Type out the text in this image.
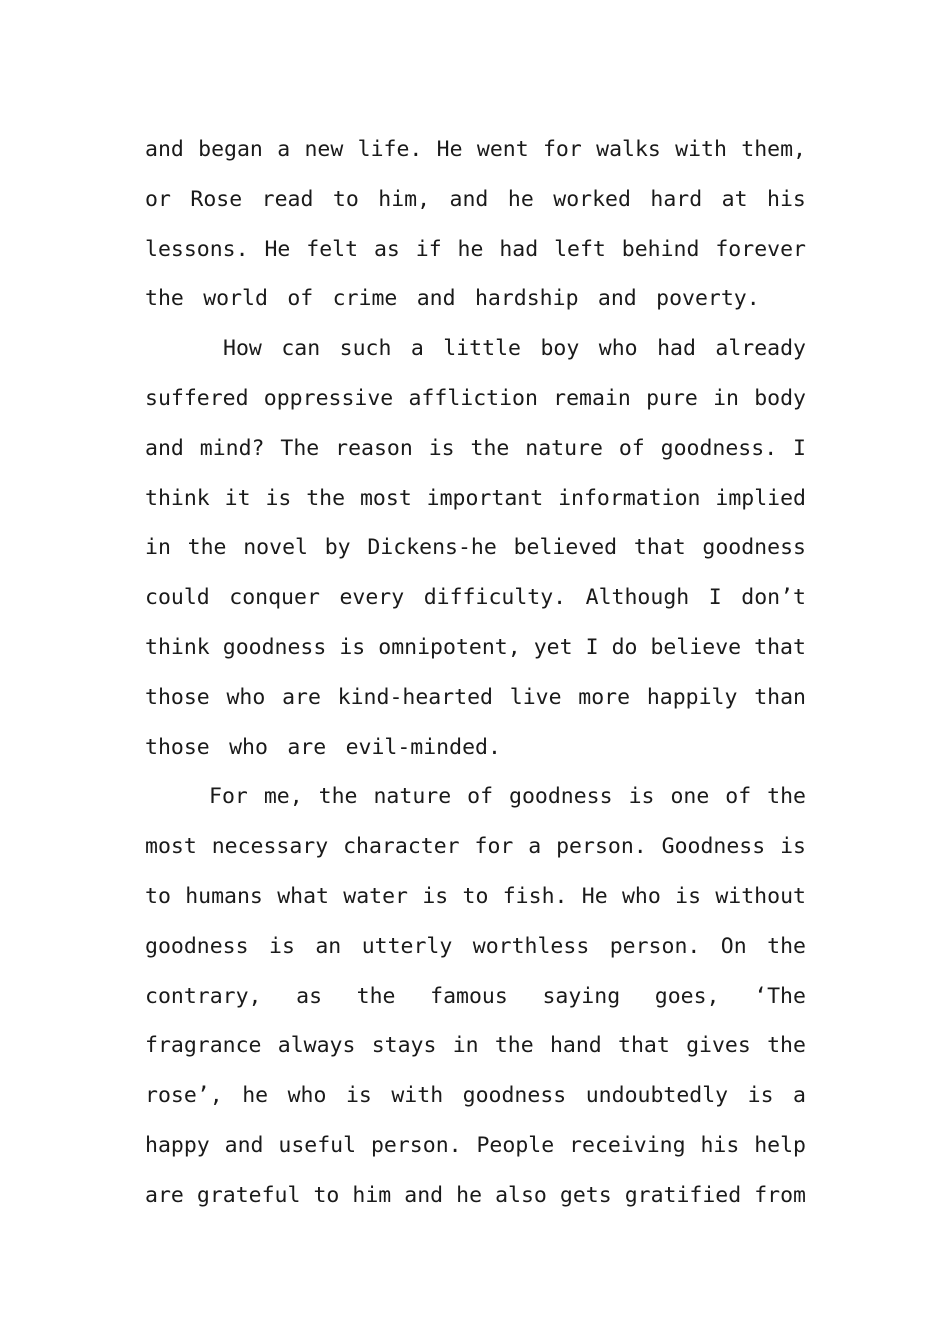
and began a new life. He went for walks with them,
or Rose read to him, and he worked hard at his
lessons. He felt as if he had left behind forever
the world of crime and hardship and poverty.
How can such a little boy who had already
suffered oppressive affliction remain pure in body
and mind? The reason is the nature of goodness. I
think it is the most important information implied
in the novel by Dickens-he believed that goodness
could conquer every difficulty. Although I don’t
think goodness is omnipotent, yet I do believe that
those who are kind-hearted live more happily than
those who are evil-minded.
For me, the nature of goodness is one of the
most necessary character for a person. Goodness is
to humans what water is to fish. He who is without
goodness is an utterly worthless person. On the
contrary, as the famous saying goes, ‘The
fragrance always stays in the hand that gives the
rose’, he who is with goodness undoubtedly is a
happy and useful person. People receiving his help
are grateful to him and he also gets gratified from
